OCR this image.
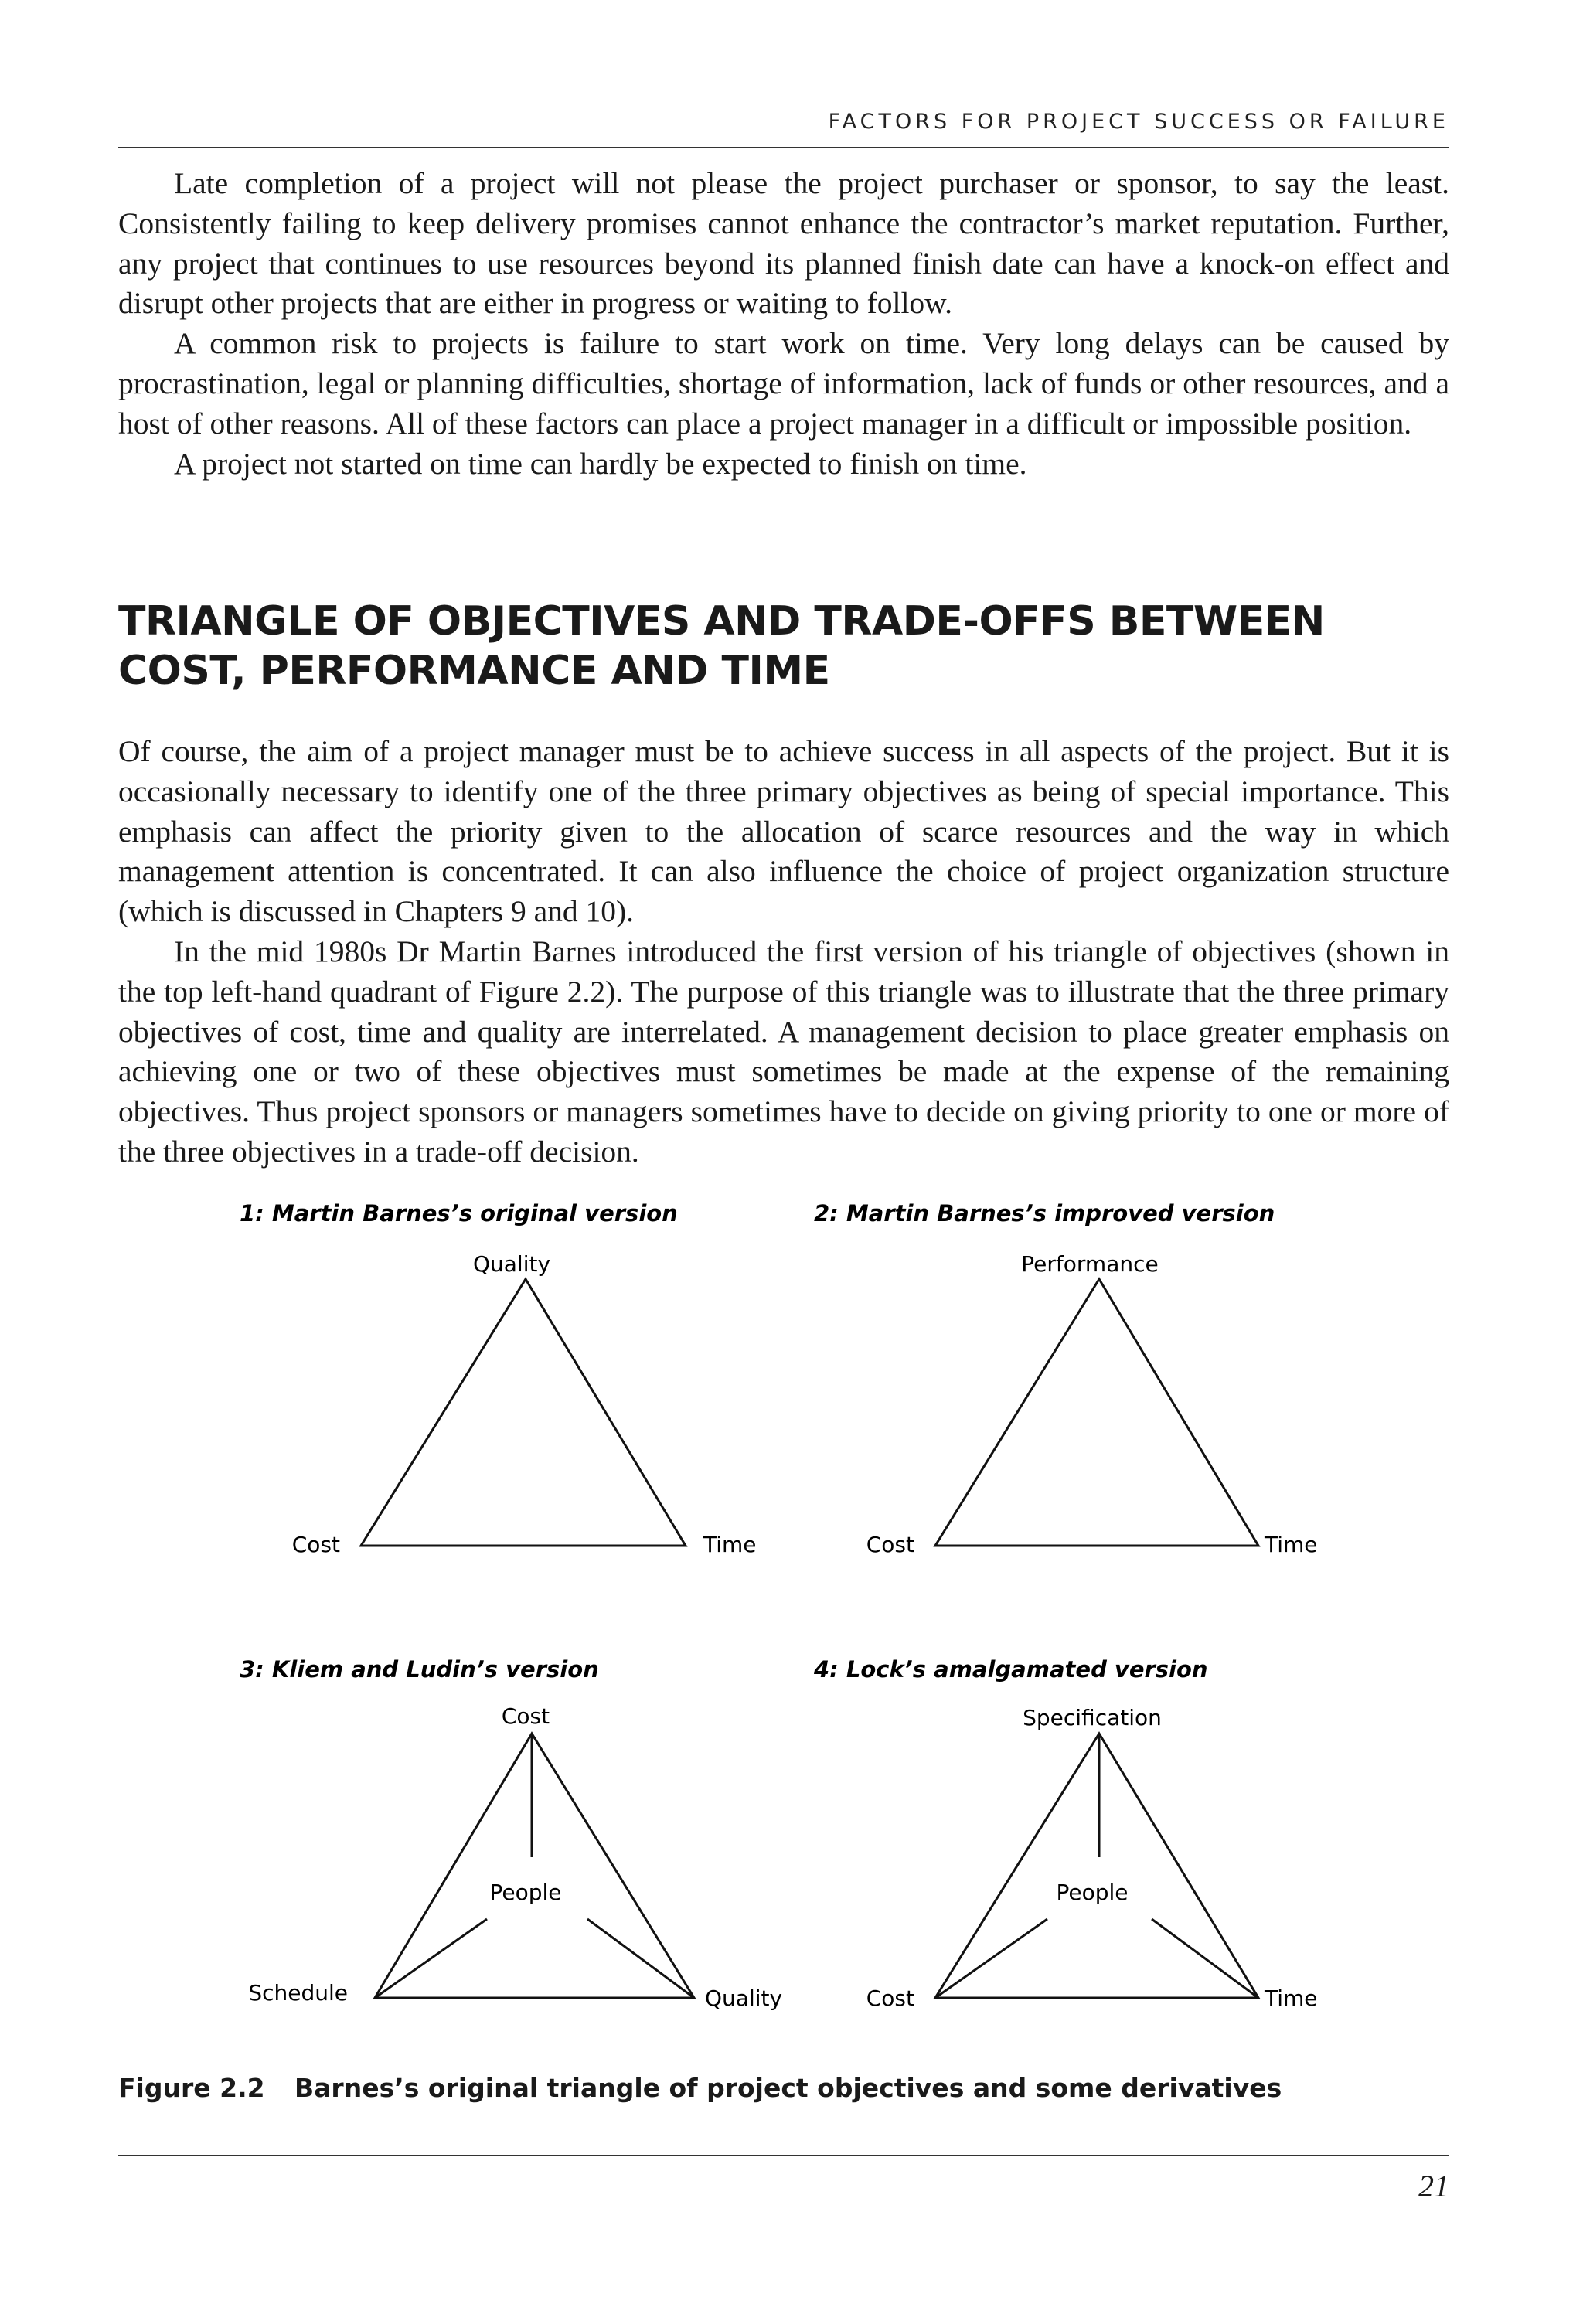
FACTORS FOR PROJECT SUCCESS OR FAILURE

Late completion of a project will not please the project purchaser or sponsor, to say the least. Consistently failing to keep delivery promises cannot enhance the contractor’s market reputation. Further, any project that continues to use resources beyond its planned finish date can have a knock-on effect and disrupt other projects that are either in progress or waiting to follow.

A common risk to projects is failure to start work on time. Very long delays can be caused by procrastination, legal or planning difficulties, shortage of information, lack of funds or other resources, and a host of other reasons. All of these factors can place a project manager in a difficult or impossible position.

A project not started on time can hardly be expected to finish on time.

TRIANGLE OF OBJECTIVES AND TRADE-OFFS BETWEEN COST, PERFORMANCE AND TIME

Of course, the aim of a project manager must be to achieve success in all aspects of the project. But it is occasionally necessary to identify one of the three primary objectives as being of special importance. This emphasis can affect the priority given to the allocation of scarce resources and the way in which management attention is concentrated. It can also influence the choice of project organization structure (which is discussed in Chapters 9 and 10).

In the mid 1980s Dr Martin Barnes introduced the first version of his triangle of objectives (shown in the top left-hand quadrant of Figure 2.2). The purpose of this triangle was to illustrate that the three primary objectives of cost, time and quality are interrelated. A management decision to place greater emphasis on achieving one or two of these objectives must sometimes be made at the expense of the remaining objectives. Thus project sponsors or managers sometimes have to decide on giving priority to one or more of the three objectives in a trade-off decision.

1: Martin Barnes’s original version
Quality
Cost	Time
2: Martin Barnes’s improved version
Performance
Cost	Time
3: Kliem and Ludin’s version
Cost
People
Schedule	Quality
4: Lock’s amalgamated version
Specification
People
Cost	Time

Figure 2.2 Barnes’s original triangle of project objectives and some derivatives

21
